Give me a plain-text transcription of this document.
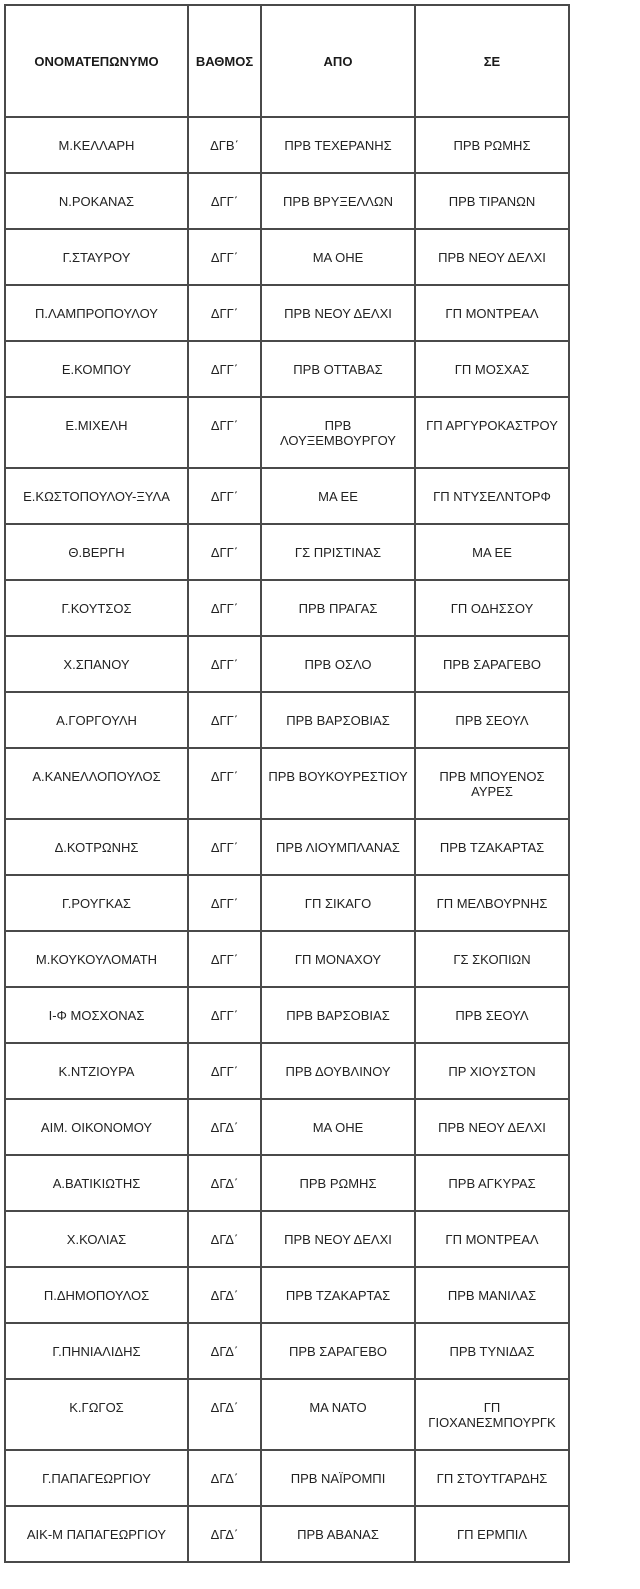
ΟΝΟΜΑΤΕΠΩΝΥΜΟ	ΒΑΘΜΟΣ	ΑΠΟ	ΣΕ
Μ.ΚΕΛΛΑΡΗ	ΔΓΒ΄	ΠΡΒ ΤΕΧΕΡΑΝΗΣ	ΠΡΒ ΡΩΜΗΣ
Ν.ΡΟΚΑΝΑΣ	ΔΓΓ΄	ΠΡΒ ΒΡΥΞΕΛΛΩΝ	ΠΡΒ ΤΙΡΑΝΩΝ
Γ.ΣΤΑΥΡΟΥ	ΔΓΓ΄	ΜΑ ΟΗΕ	ΠΡΒ ΝΕΟΥ ΔΕΛΧΙ
Π.ΛΑΜΠΡΟΠΟΥΛΟΥ	ΔΓΓ΄	ΠΡΒ ΝΕΟΥ ΔΕΛΧΙ	ΓΠ ΜΟΝΤΡΕΑΛ
Ε.ΚΟΜΠΟΥ	ΔΓΓ΄	ΠΡΒ ΟΤΤΑΒΑΣ	ΓΠ ΜΟΣΧΑΣ
Ε.ΜΙΧΕΛΗ	ΔΓΓ΄	ΠΡΒ ΛΟΥΞΕΜΒΟΥΡΓΟΥ	ΓΠ ΑΡΓΥΡΟΚΑΣΤΡΟΥ
Ε.ΚΩΣΤΟΠΟΥΛΟΥ-ΞΥΛΑ	ΔΓΓ΄	ΜΑ ΕΕ	ΓΠ ΝΤΥΣΕΛΝΤΟΡΦ
Θ.ΒΕΡΓΗ	ΔΓΓ΄	ΓΣ ΠΡΙΣΤΙΝΑΣ	ΜΑ ΕΕ
Γ.ΚΟΥΤΣΟΣ	ΔΓΓ΄	ΠΡΒ ΠΡΑΓΑΣ	ΓΠ ΟΔΗΣΣΟΥ
Χ.ΣΠΑΝΟΥ	ΔΓΓ΄	ΠΡΒ ΟΣΛΟ	ΠΡΒ ΣΑΡΑΓΕΒΟ
Α.ΓΟΡΓΟΥΛΗ	ΔΓΓ΄	ΠΡΒ ΒΑΡΣΟΒΙΑΣ	ΠΡΒ ΣΕΟΥΛ
Α.ΚΑΝΕΛΛΟΠΟΥΛΟΣ	ΔΓΓ΄	ΠΡΒ ΒΟΥΚΟΥΡΕΣΤΙΟΥ	ΠΡΒ ΜΠΟΥΕΝΟΣ ΑΥΡΕΣ
Δ.ΚΟΤΡΩΝΗΣ	ΔΓΓ΄	ΠΡΒ ΛΙΟΥΜΠΛΑΝΑΣ	ΠΡΒ ΤΖΑΚΑΡΤΑΣ
Γ.ΡΟΥΓΚΑΣ	ΔΓΓ΄	ΓΠ ΣΙΚΑΓΟ	ΓΠ ΜΕΛΒΟΥΡΝΗΣ
Μ.ΚΟΥΚΟΥΛΟΜΑΤΗ	ΔΓΓ΄	ΓΠ ΜΟΝΑΧΟΥ	ΓΣ ΣΚΟΠΙΩΝ
Ι-Φ ΜΟΣΧΟΝΑΣ	ΔΓΓ΄	ΠΡΒ ΒΑΡΣΟΒΙΑΣ	ΠΡΒ ΣΕΟΥΛ
Κ.ΝΤΖΙΟΥΡΑ	ΔΓΓ΄	ΠΡΒ ΔΟΥΒΛΙΝΟΥ	ΠΡ ΧΙΟΥΣΤΟΝ
ΑΙΜ. ΟΙΚΟΝΟΜΟΥ	ΔΓΔ΄	ΜΑ ΟΗΕ	ΠΡΒ ΝΕΟΥ ΔΕΛΧΙ
Α.ΒΑΤΙΚΙΩΤΗΣ	ΔΓΔ΄	ΠΡΒ ΡΩΜΗΣ	ΠΡΒ ΑΓΚΥΡΑΣ
Χ.ΚΟΛΙΑΣ	ΔΓΔ΄	ΠΡΒ ΝΕΟΥ ΔΕΛΧΙ	ΓΠ ΜΟΝΤΡΕΑΛ
Π.ΔΗΜΟΠΟΥΛΟΣ	ΔΓΔ΄	ΠΡΒ ΤΖΑΚΑΡΤΑΣ	ΠΡΒ ΜΑΝΙΛΑΣ
Γ.ΠΗΝΙΑΛΙΔΗΣ	ΔΓΔ΄	ΠΡΒ ΣΑΡΑΓΕΒΟ	ΠΡΒ ΤΥΝΙΔΑΣ
Κ.ΓΩΓΟΣ	ΔΓΔ΄	ΜΑ ΝΑΤΟ	ΓΠ ΓΙΟΧΑΝΕΣΜΠΟΥΡΓΚ
Γ.ΠΑΠΑΓΕΩΡΓΙΟΥ	ΔΓΔ΄	ΠΡΒ ΝΑΪΡΟΜΠΙ	ΓΠ ΣΤΟΥΤΓΑΡΔΗΣ
ΑΙΚ-Μ ΠΑΠΑΓΕΩΡΓΙΟΥ	ΔΓΔ΄	ΠΡΒ ΑΒΑΝΑΣ	ΓΠ ΕΡΜΠΙΛ
